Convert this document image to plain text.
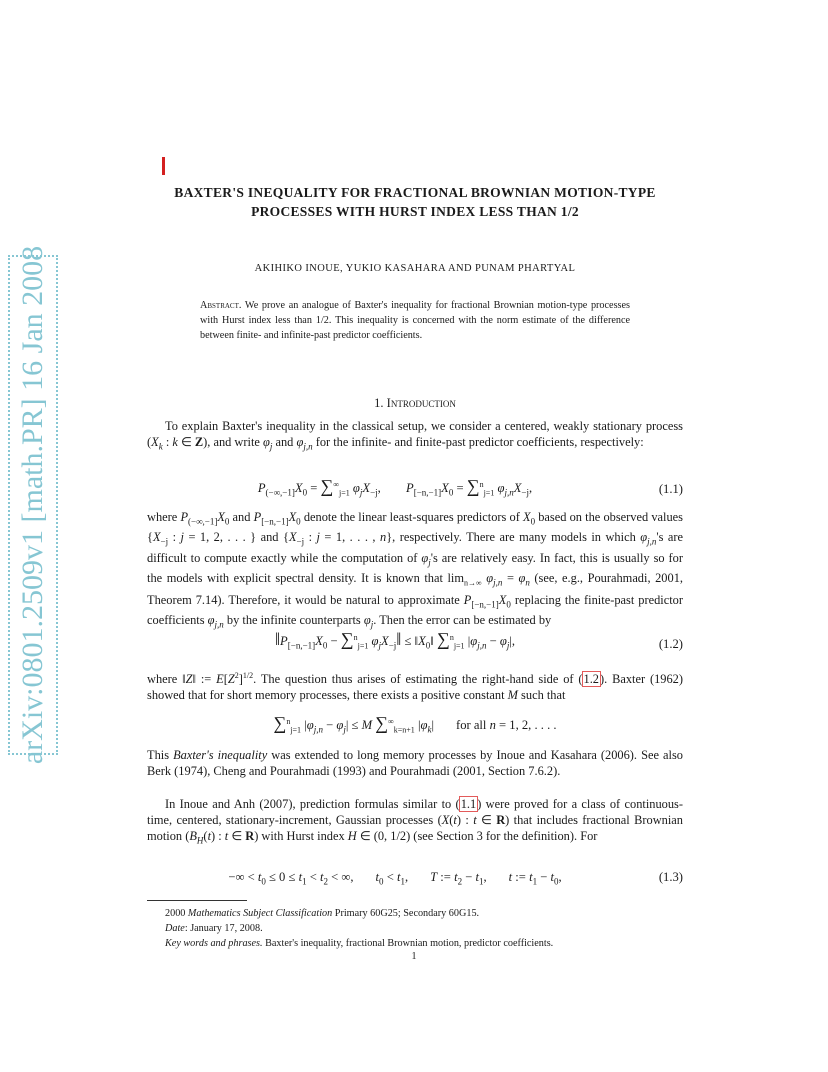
arXiv:0801.2509v1 [math.PR] 16 Jan 2008
BAXTER'S INEQUALITY FOR FRACTIONAL BROWNIAN MOTION-TYPE PROCESSES WITH HURST INDEX LESS THAN 1/2
AKIHIKO INOUE, YUKIO KASAHARA AND PUNAM PHARTYAL
Abstract. We prove an analogue of Baxter's inequality for fractional Brownian motion-type processes with Hurst index less than 1/2. This inequality is concerned with the norm estimate of the difference between finite- and infinite-past predictor coefficients.
1. Introduction
To explain Baxter's inequality in the classical setup, we consider a centered, weakly stationary process ($X_k$ : k ∈ Z), and write $\varphi_j$ and $\varphi_{j,n}$ for the infinite- and finite-past predictor coefficients, respectively:
$P_{(-\infty,-1]}X_0 = \sum^\infty_{j=1}$ $\varphi_jX_{-j}$,        $P_{[-n,-1]}X_0 = \sum^n_{j=1}$ $\varphi_{j,n}X_{-j}$,	(1.1)
where $P_{(-\infty,-1]}X_0$ and $P_{[-n,-1]}X_0$ denote the linear least-squares predictors of $X_0$ based on the observed values {$X_{-j}$ : j = 1, 2, . . . } and {$X_{-j}$ : j = 1, . . . , n}, respectively. There are many models in which $\varphi_{j,n}'s$ are difficult to compute exactly while the computation of $\varphi_j's$ are relatively easy. In fact, this is usually so for the models with explicit spectral density. It is known that $\lim_{n\to\infty} \varphi_{j,n} = \varphi_n$ (see, e.g., Pourahmadi, 2001, Theorem 7.14). Therefore, it would be natural to approximate $P_{[-n,-1]}X_0$ replacing the finite-past predictor coefficients $\varphi_{j,n}$ by the infinite counterparts $\varphi_j$. Then the error can be estimated by
$‖P_{[-n,-1]}X_0 - \sum^n_{j=1}$ $\varphi_jX_{-j}‖$ ≤ $‖X_0‖$ ∑$^n_{j=1}$ $|\varphi_{j,n} - \varphi_j|$,	(1.2)
where ‖Z‖ := $E[Z^2]^{1/2}$. The question thus arises of estimating the right-hand side of (1.2). Baxter (1962) showed that for short memory processes, there exists a positive constant M such that
∑$^n_{j=1}$ $|\varphi_{j,n} - \varphi_j| \le M$ $\sum^\infty_{k=n+1}$ $|\varphi_k|$       for all n = 1, 2, . . . .
This Baxter's inequality was extended to long memory processes by Inoue and Kasahara (2006). See also Berk (1974), Cheng and Pourahmadi (1993) and Pourahmadi (2001, Section 7.6.2).
In Inoue and Anh (2007), prediction formulas similar to (1.1) were proved for a class of continuous-time, centered, stationary-increment, Gaussian processes (X(t) : t ∈ R) that includes fractional Brownian motion ($B_H(t)$ : t ∈ R) with Hurst index H ∈ (0, 1/2) (see Section 3 for the definition). For
−∞ < $t_0 \le 0 \le t_1 < t_2$ < ∞,       $t_0 < t_1$,       T := $t_2 - t_1$,       t := $t_1 - t_0$,	(1.3)
2000 Mathematics Subject Classification Primary 60G25; Secondary 60G15.
Date: January 17, 2008.
Key words and phrases. Baxter's inequality, fractional Brownian motion, predictor coefficients.
1
